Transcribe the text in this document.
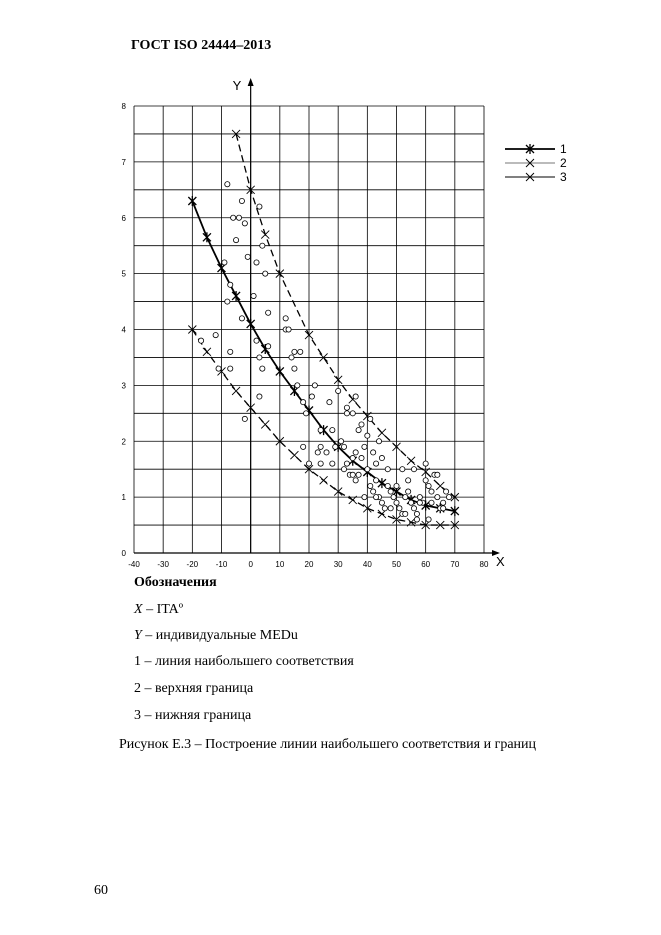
ГОСТ ISO 24444–2013
-40 -30 -20 -10	0	10	20	30	40	50	60	70	80
0
1
2
3
4
5
6
7
8
X
Y
1
2
3
Обозначения
X – ITAº
Y – индивидуальные MEDu
1 – линия наибольшего соответствия
2 – верхняя граница
3 – нижняя граница
Рисунок Е.3 – Построение линии наибольшего соответствия и границ
60
